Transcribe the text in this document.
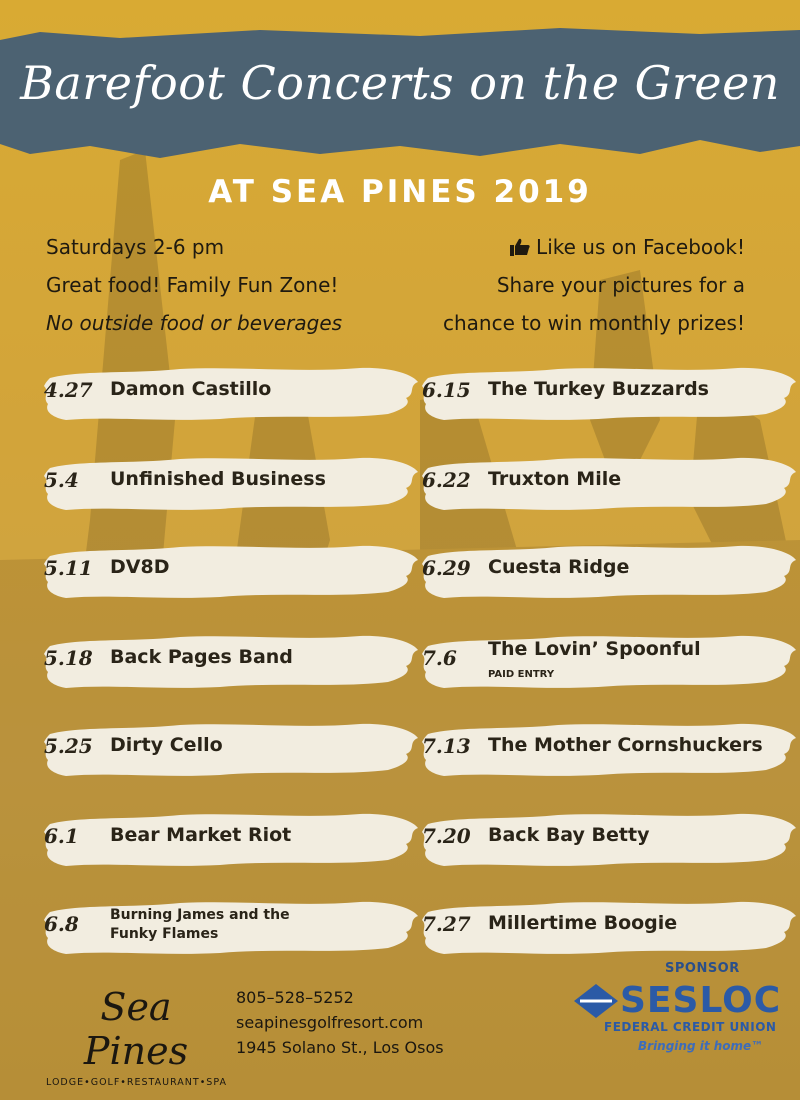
Barefoot Concerts on the Green
AT SEA PINES 2019
Saturdays 2-6 pm
Great food! Family Fun Zone!
No outside food or beverages
Like us on Facebook!
Share your pictures for a
chance to win monthly prizes!
4.27 Damon Castillo
5.4	Unfinished Business
5.11 DV8D
5.18 Back Pages Band
5.25 Dirty Cello
6.1	Bear Market Riot
6.8	Burning James and the Funky Flames
6.15 The Turkey Buzzards
6.22 Truxton Mile
6.29 Cuesta Ridge
7.6	The Lovin’ Spoonful
PAID ENTRY
7.13 The Mother Cornshuckers
7.20 Back Bay Betty
7.27 Millertime Boogie
Sea Pines
LODGE•GOLF•RESTAURANT•SPA
805–528–5252
seapinesgolfresort.com
1945 Solano St., Los Osos
SPONSOR
SESLOC
FEDERAL CREDIT UNION
Bringing it home™
